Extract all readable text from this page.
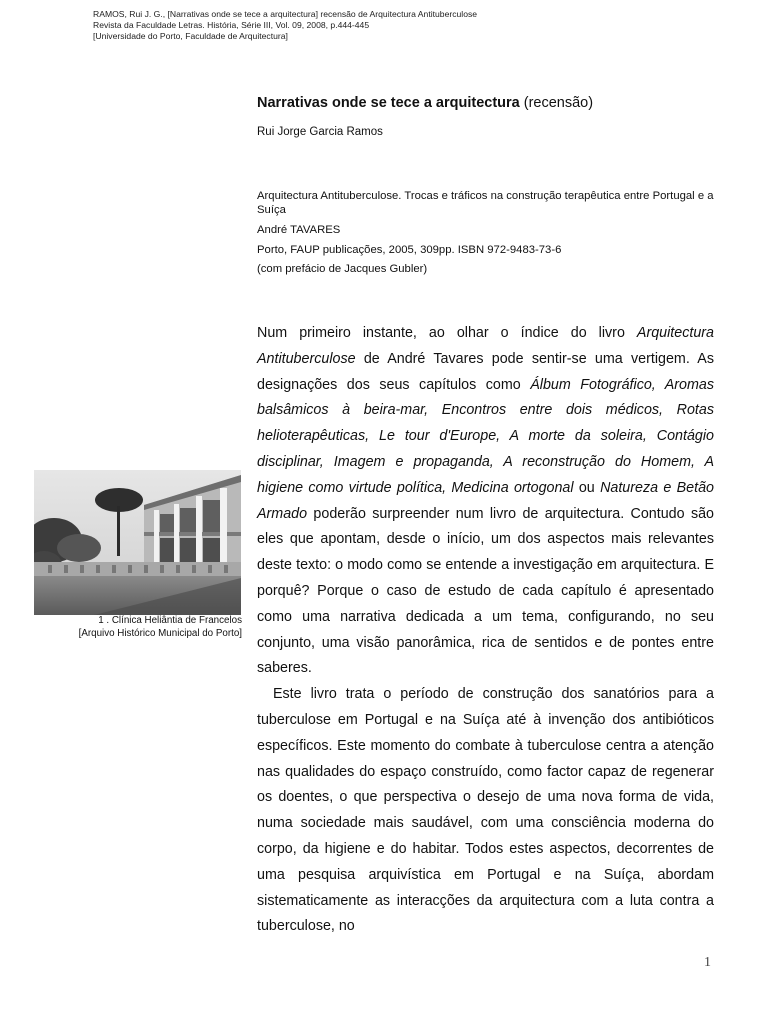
RAMOS, Rui J. G., [Narrativas onde se tece a arquitectura] recensão de Arquitectura Antituberculose
Revista da Faculdade Letras. História, Série III, Vol. 09, 2008, p.444-445
[Universidade do Porto, Faculdade de Arquitectura]
Narrativas onde se tece a arquitectura (recensão)
Rui Jorge Garcia Ramos
Arquitectura Antituberculose. Trocas e tráficos na construção terapêutica entre Portugal e a Suíça
André TAVARES
Porto, FAUP publicações, 2005, 309pp. ISBN 972-9483-73-6
(com prefácio de Jacques Gubler)
1 . Clínica Heliântia de Francelos
[Arquivo Histórico Municipal do Porto]

Num primeiro instante, ao olhar o índice do livro Arquitectura Antituberculose de André Tavares pode sentir-se uma vertigem. As designações dos seus capítulos como Álbum Fotográfico, Aromas balsâmicos à beira-mar, Encontros entre dois médicos, Rotas helioterapêuticas, Le tour d'Europe, A morte da soleira, Contágio disciplinar, Imagem e propaganda, A reconstrução do Homem, A higiene como virtude política, Medicina ortogonal ou Natureza e Betão Armado poderão surpreender num livro de arquitectura. Contudo são eles que apontam, desde o início, um dos aspectos mais relevantes deste texto: o modo como se entende a investigação em arquitectura. E porquê? Porque o caso de estudo de cada capítulo é apresentado como uma narrativa dedicada a um tema, configurando, no seu conjunto, uma visão panorâmica, rica de sentidos e de pontes entre saberes.

Este livro trata o período de construção dos sanatórios para a tuberculose em Portugal e na Suíça até à invenção dos antibióticos específicos. Este momento do combate à tuberculose centra a atenção nas qualidades do espaço construído, como factor capaz de regenerar os doentes, o que perspectiva o desejo de uma nova forma de vida, numa sociedade mais saudável, com uma consciência moderna do corpo, da higiene e do habitar. Todos estes aspectos, decorrentes de uma pesquisa arquivística em Portugal e na Suíça, abordam sistematicamente as interacções da arquitectura com a luta contra a tuberculose, no

1
